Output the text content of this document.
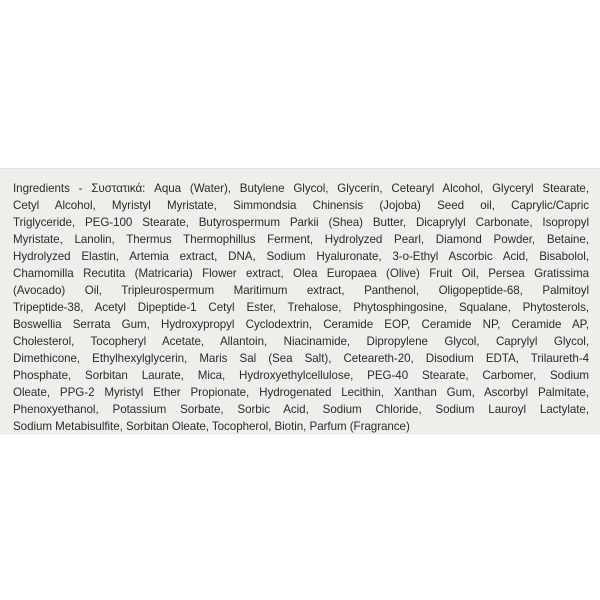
Ingredients - Συστατικά: Aqua (Water), Butylene Glycol, Glycerin, Cetearyl Alcohol, Glyceryl Stearate,
Cetyl Alcohol, Myristyl Myristate, Simmondsia Chinensis (Jojoba) Seed oil, Caprylic/Capric
Triglyceride, PEG-100 Stearate, Butyrospermum Parkii (Shea) Butter, Dicaprylyl Carbonate, Isopropyl
Myristate, Lanolin, Thermus Thermophillus Ferment, Hydrolyzed Pearl, Diamond Powder, Betaine,
Hydrolyzed Elastin, Artemia extract, DNA, Sodium Hyaluronate, 3-o-Ethyl Ascorbic Acid, Bisabolol,
Chamomilla Recutita (Matricaria) Flower extract, Olea Europaea (Olive) Fruit Oil, Persea Gratissima
(Avocado) Oil, Tripleurospermum Maritimum extract, Panthenol, Oligopeptide-68, Palmitoyl
Tripeptide-38, Acetyl Dipeptide-1 Cetyl Ester, Trehalose, Phytosphingosine, Squalane, Phytosterols,
Boswellia Serrata Gum, Hydroxypropyl Cyclodextrin, Ceramide EOP, Ceramide NP, Ceramide AP,
Cholesterol, Tocopheryl Acetate, Allantoin, Niacinamide, Dipropylene Glycol, Caprylyl Glycol,
Dimethicone, Ethylhexylglycerin, Maris Sal (Sea Salt), Ceteareth-20, Disodium EDTA, Trilaureth-4
Phosphate, Sorbitan Laurate, Mica, Hydroxyethylcellulose, PEG-40 Stearate, Carbomer, Sodium
Oleate, PPG-2 Myristyl Ether Propionate, Hydrogenated Lecithin, Xanthan Gum, Ascorbyl Palmitate,
Phenoxyethanol, Potassium Sorbate, Sorbic Acid, Sodium Chloride, Sodium Lauroyl Lactylate,
Sodium Metabisulfite, Sorbitan Oleate, Tocopherol, Biotin, Parfum (Fragrance)
